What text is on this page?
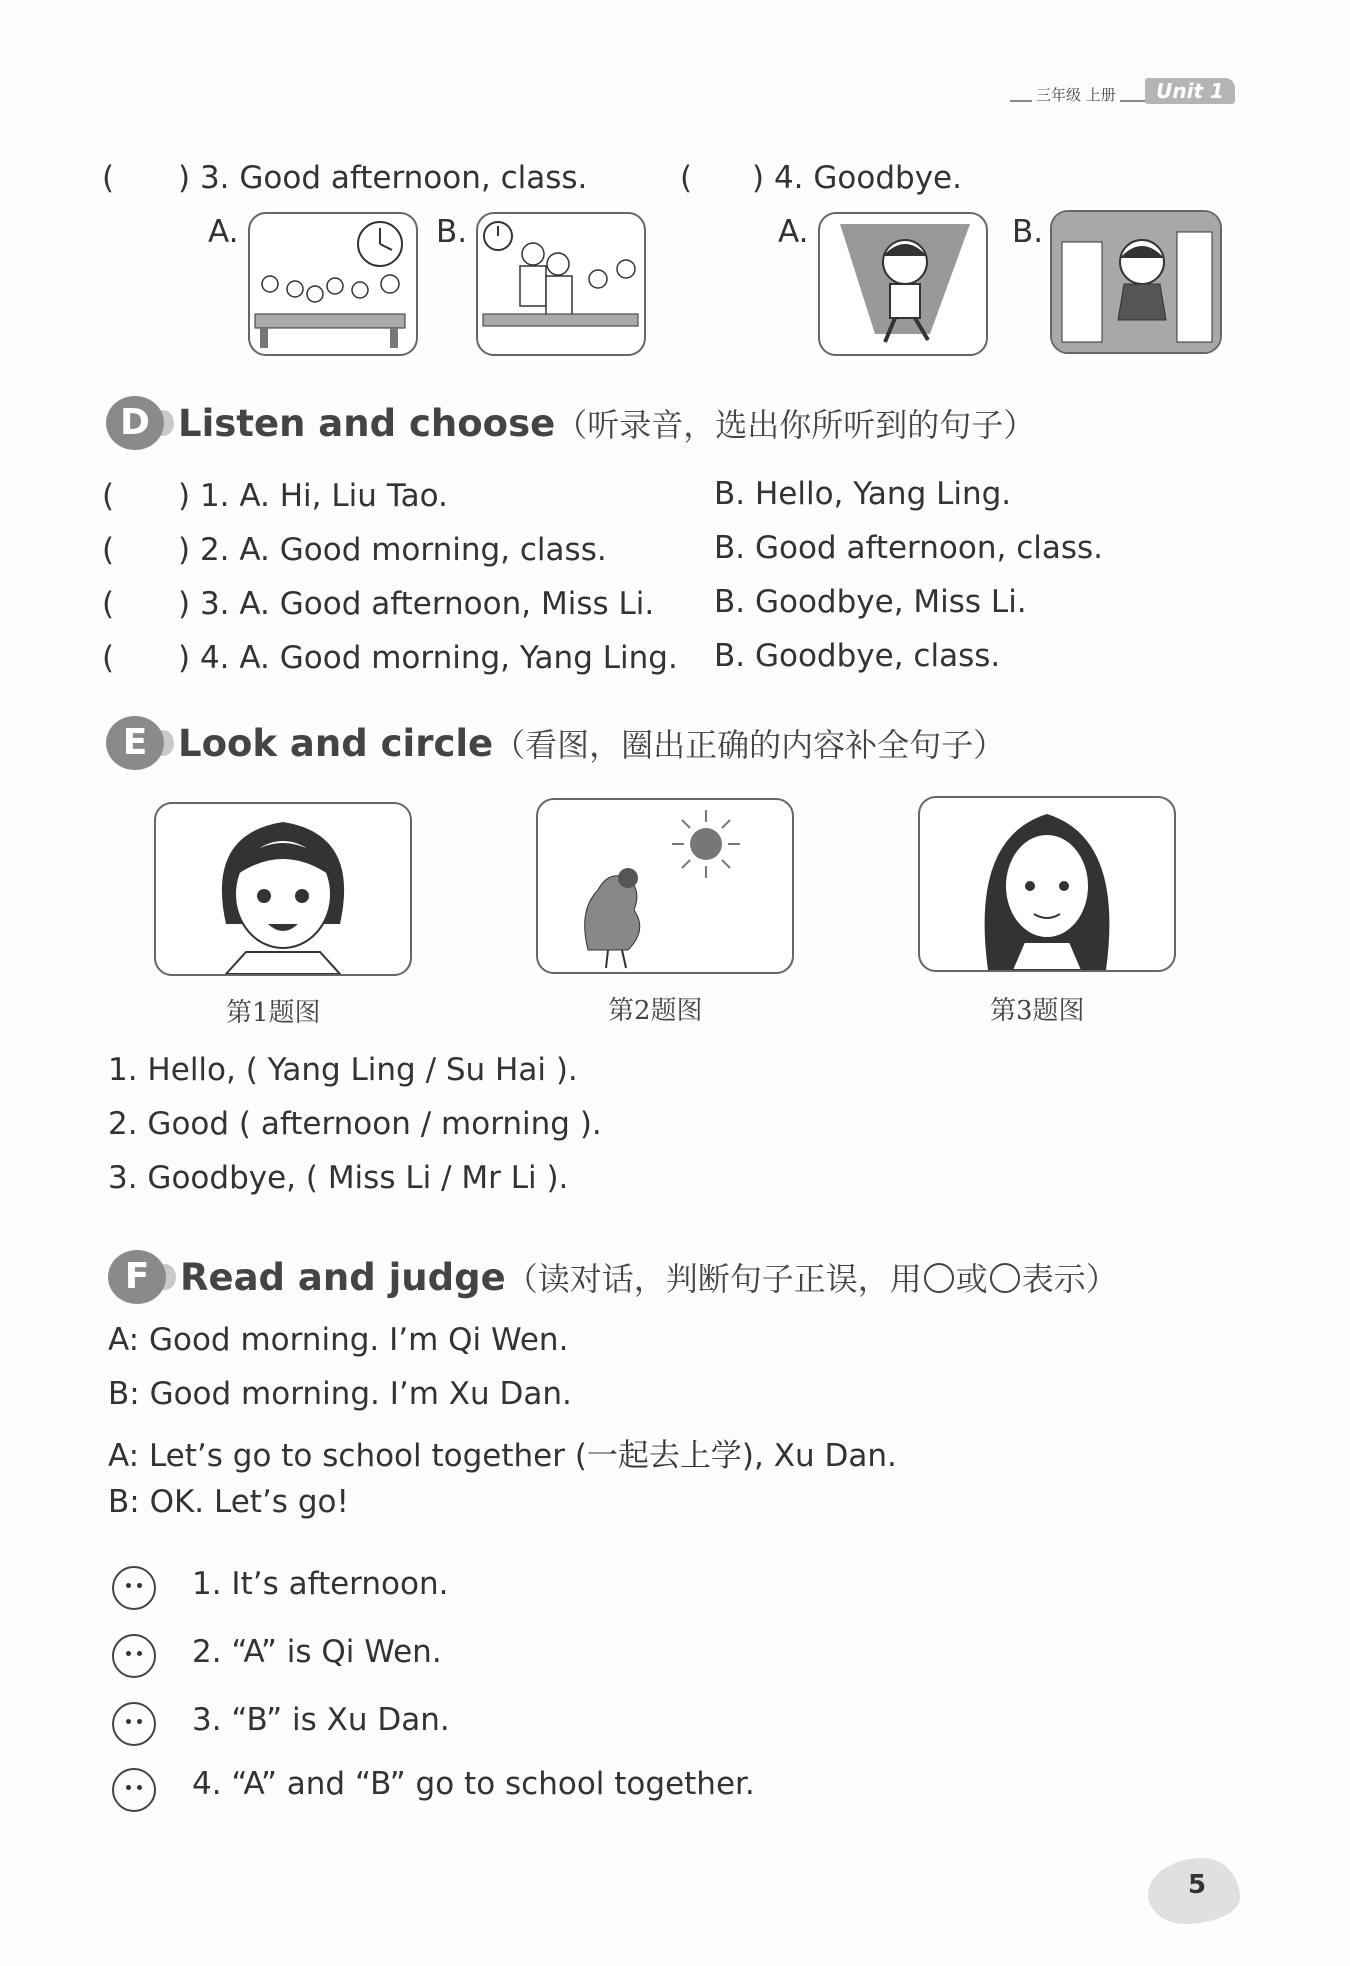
三年级 上册	Unit 1
( ) 3. Good afternoon, class.	( ) 4. Goodbye.
A.	B.	A.	B.
D Listen and choose（听录音，选出你所听到的句子）
( ) 1. A. Hi, Liu Tao.	B. Hello, Yang Ling.
( ) 2. A. Good morning, class.	B. Good afternoon, class.
( ) 3. A. Good afternoon, Miss Li. B. Goodbye, Miss Li.
( ) 4. A. Good morning, Yang Ling. B. Goodbye, class.
E Look and circle（看图，圈出正确的内容补全句子）
第1题图	第2题图	第3题图
1. Hello, ( Yang Ling / Su Hai ).
2. Good ( afternoon / morning ).
3. Goodbye, ( Miss Li / Mr Li ).
F Read and judge（读对话，判断句子正误，用 或 表示）
A: Good morning. I’m Qi Wen.
B: Good morning. I’m Xu Dan.
A: Let’s go to school together (一起去上学), Xu Dan.
B: OK. Let’s go!
1. It’s afternoon.
2. “A” is Qi Wen.
3. “B” is Xu Dan.
4. “A” and “B” go to school together.
5
